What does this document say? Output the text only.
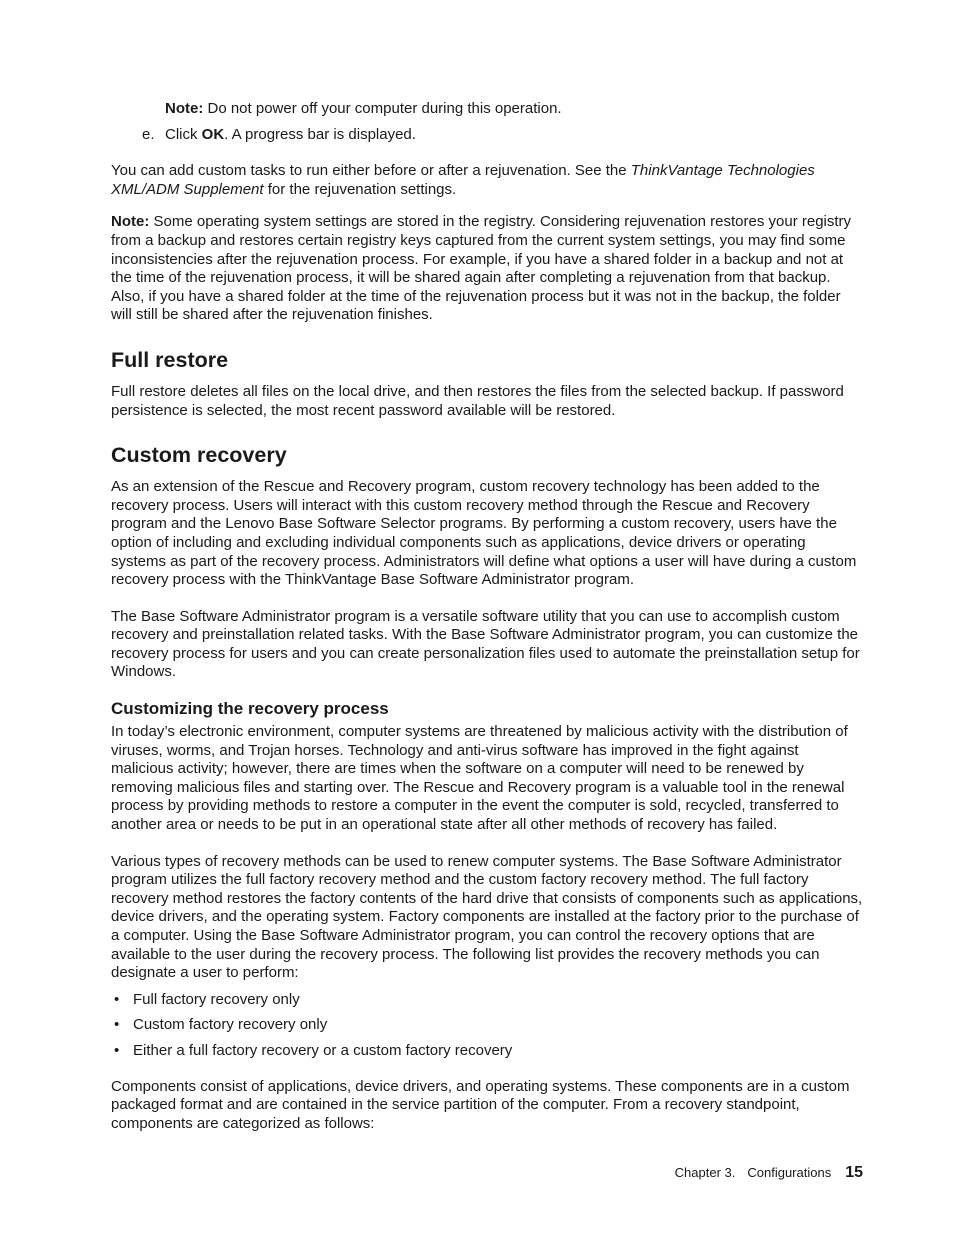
Note: Do not power off your computer during this operation.

e. Click OK. A progress bar is displayed.

You can add custom tasks to run either before or after a rejuvenation. See the ThinkVantage Technologies XML/ADM Supplement for the rejuvenation settings.

Note: Some operating system settings are stored in the registry. Considering rejuvenation restores your registry from a backup and restores certain registry keys captured from the current system settings, you may find some inconsistencies after the rejuvenation process. For example, if you have a shared folder in a backup and not at the time of the rejuvenation process, it will be shared again after completing a rejuvenation from that backup. Also, if you have a shared folder at the time of the rejuvenation process but it was not in the backup, the folder will still be shared after the rejuvenation finishes.

Full restore

Full restore deletes all files on the local drive, and then restores the files from the selected backup. If password persistence is selected, the most recent password available will be restored.

Custom recovery

As an extension of the Rescue and Recovery program, custom recovery technology has been added to the recovery process. Users will interact with this custom recovery method through the Rescue and Recovery program and the Lenovo Base Software Selector programs. By performing a custom recovery, users have the option of including and excluding individual components such as applications, device drivers or operating systems as part of the recovery process. Administrators will define what options a user will have during a custom recovery process with the ThinkVantage Base Software Administrator program.

The Base Software Administrator program is a versatile software utility that you can use to accomplish custom recovery and preinstallation related tasks. With the Base Software Administrator program, you can customize the recovery process for users and you can create personalization files used to automate the preinstallation setup for Windows.

Customizing the recovery process

In today’s electronic environment, computer systems are threatened by malicious activity with the distribution of viruses, worms, and Trojan horses. Technology and anti-virus software has improved in the fight against malicious activity; however, there are times when the software on a computer will need to be renewed by removing malicious files and starting over. The Rescue and Recovery program is a valuable tool in the renewal process by providing methods to restore a computer in the event the computer is sold, recycled, transferred to another area or needs to be put in an operational state after all other methods of recovery has failed.

Various types of recovery methods can be used to renew computer systems. The Base Software Administrator program utilizes the full factory recovery method and the custom factory recovery method. The full factory recovery method restores the factory contents of the hard drive that consists of components such as applications, device drivers, and the operating system. Factory components are installed at the factory prior to the purchase of a computer. Using the Base Software Administrator program, you can control the recovery options that are available to the user during the recovery process. The following list provides the recovery methods you can designate a user to perform:

• Full factory recovery only
• Custom factory recovery only
• Either a full factory recovery or a custom factory recovery

Components consist of applications, device drivers, and operating systems. These components are in a custom packaged format and are contained in the service partition of the computer. From a recovery standpoint, components are categorized as follows:

Chapter 3. Configurations 15
